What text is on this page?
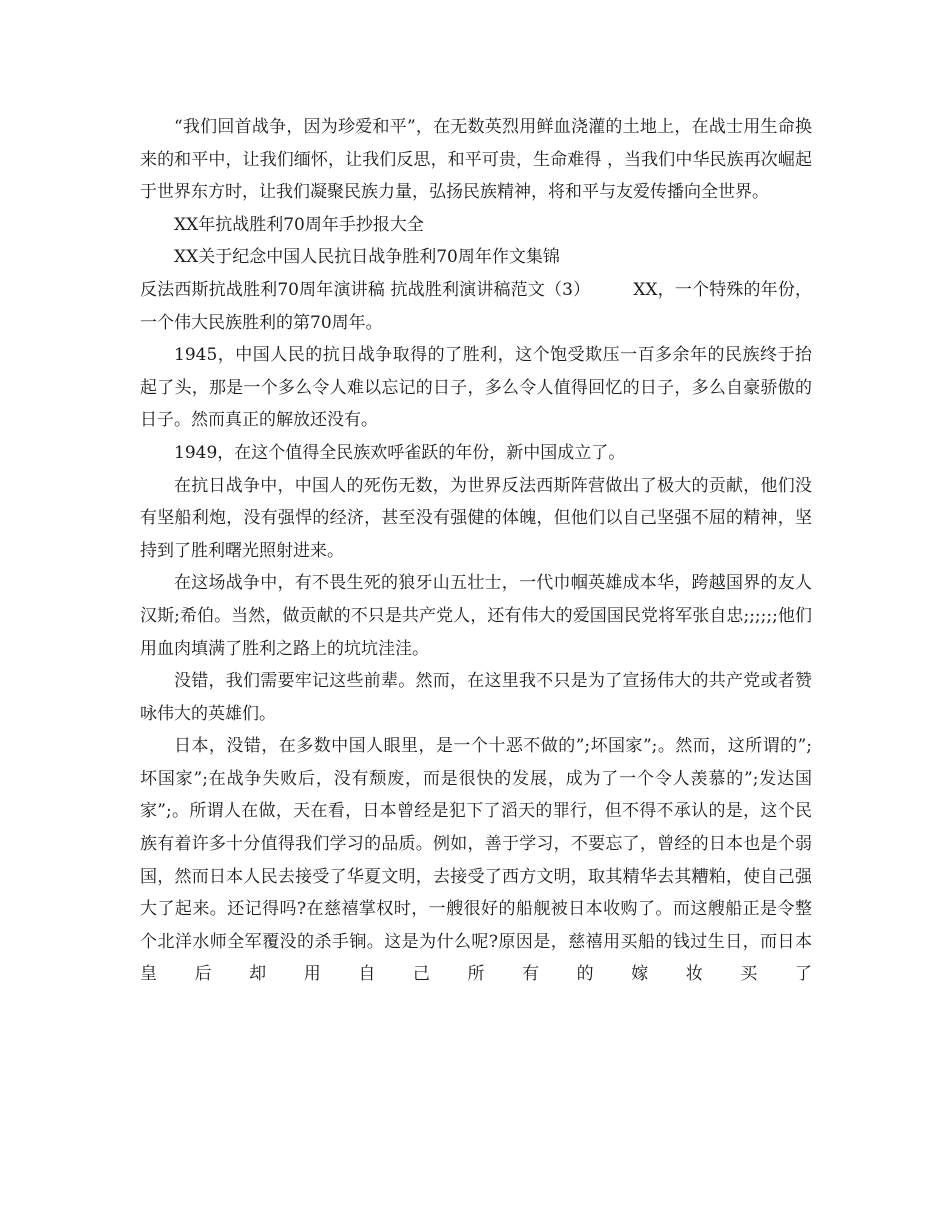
“我们回首战争，因为珍爱和平”，在无数英烈用鲜血浇灌的土地上，在战士用生命换来的和平中，让我们缅怀，让我们反思，和平可贵，生命难得 ，当我们中华民族再次崛起于世界东方时，让我们凝聚民族力量，弘扬民族精神，将和平与友爱传播向全世界。

XX年抗战胜利70周年手抄报大全

XX关于纪念中国人民抗日战争胜利70周年作文集锦

反法西斯抗战胜利70周年演讲稿 抗战胜利演讲稿范文（3）　　　XX，一个特殊的年份，一个伟大民族胜利的第70周年。

1945，中国人民的抗日战争取得的了胜利，这个饱受欺压一百多余年的民族终于抬起了头，那是一个多么令人难以忘记的日子，多么令人值得回忆的日子，多么自豪骄傲的日子。然而真正的解放还没有。

1949，在这个值得全民族欢呼雀跃的年份，新中国成立了。

在抗日战争中，中国人的死伤无数，为世界反法西斯阵营做出了极大的贡献，他们没有坚船利炮，没有强悍的经济，甚至没有强健的体魄，但他们以自己坚强不屈的精神，坚持到了胜利曙光照射进来。

在这场战争中，有不畏生死的狼牙山五壮士，一代巾帼英雄成本华，跨越国界的友人汉斯;希伯。当然，做贡献的不只是共产党人，还有伟大的爱国国民党将军张自忠;;;;;;他们用血肉填满了胜利之路上的坑坑洼洼。

没错，我们需要牢记这些前辈。然而，在这里我不只是为了宣扬伟大的共产党或者赞咏伟大的英雄们。

日本，没错，在多数中国人眼里，是一个十恶不做的”;坏国家”;。然而，这所谓的”;坏国家”;在战争失败后，没有颓废，而是很快的发展，成为了一个令人羡慕的”;发达国家”;。所谓人在做，天在看，日本曾经是犯下了滔天的罪行，但不得不承认的是，这个民族有着许多十分值得我们学习的品质。例如，善于学习，不要忘了，曾经的日本也是个弱国，然而日本人民去接受了华夏文明，去接受了西方文明，取其精华去其糟粕，使自己强大了起来。还记得吗?在慈禧掌权时，一艘很好的船舰被日本收购了。而这艘船正是令整个北洋水师全军覆没的杀手锏。这是为什么呢?原因是，慈禧用买船的钱过生日，而日本皇后却用自己所有的嫁妆买了
